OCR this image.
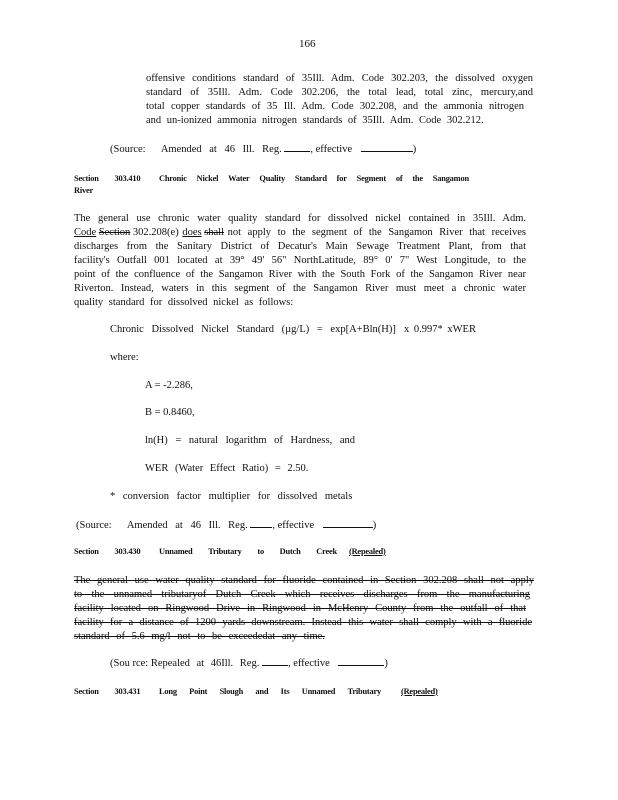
166
offensive conditions standard of 35Ill. Adm. Code 302.203, the dissolved oxygen
standard of 35Ill. Adm. Code 302.206, the total lead, total zinc, mercury,and
total copper standards of 35 Ill. Adm. Code 302.208, and the ammonia nitrogen
and un-ionized ammonia nitrogen standards of 35Ill. Adm. Code 302.212.
(Source: Amended at 46 Ill. Reg.	, effective	)
Section 303.410 Chronic Nickel Water Quality Standard for Segment of the Sangamon
River
The general use chronic water quality standard for dissolved nickel contained in 35Ill. Adm.
Code Section 302.208(e) does shall not apply to the segment of the Sangamon River that receives
discharges from the Sanitary District of Decatur's Main Sewage Treatment Plant, from that
facility's Outfall 001 located at 39° 49' 56" NorthLatitude, 89° 0' 7" West Longitude, to the
point of the confluence of the Sangamon River with the South Fork of the Sangamon River near
Riverton. Instead, waters in this segment of the Sangamon River must meet a chronic water
quality standard for dissolved nickel as follows:
Chronic Dissolved Nickel Standard (µg/L) = exp[A+Bln(H)] x 0.997* xWER
where:
A = -2.286,
B = 0.8460,
ln(H) = natural logarithm of Hardness, and
WER (Water Effect Ratio) = 2.50.
* conversion factor multiplier for dissolved metals
(Source: Amended at 46 Ill. Reg. , effective	)
Section 303.430 Unnamed Tributary to Dutch Creek (Repealed)
The general use water quality standard for fluoride contained in Section 302.208 shall not apply
to the unnamed tributaryof Dutch Creek which receives discharges from the manufacturing
facility located on Ringwood Drive in Ringwood in McHenry County from the outfall of that
facility for a distance of 1200 yards downstream. Instead this water shall comply with a fluoride
standard of 5.6 mg/l not to be exceededat any time.
(Sou rce: Repealed at 46Ill. Reg.	, effective	)
Section 303.431 Long Point Slough and Its Unnamed Tributary (Repealed)
